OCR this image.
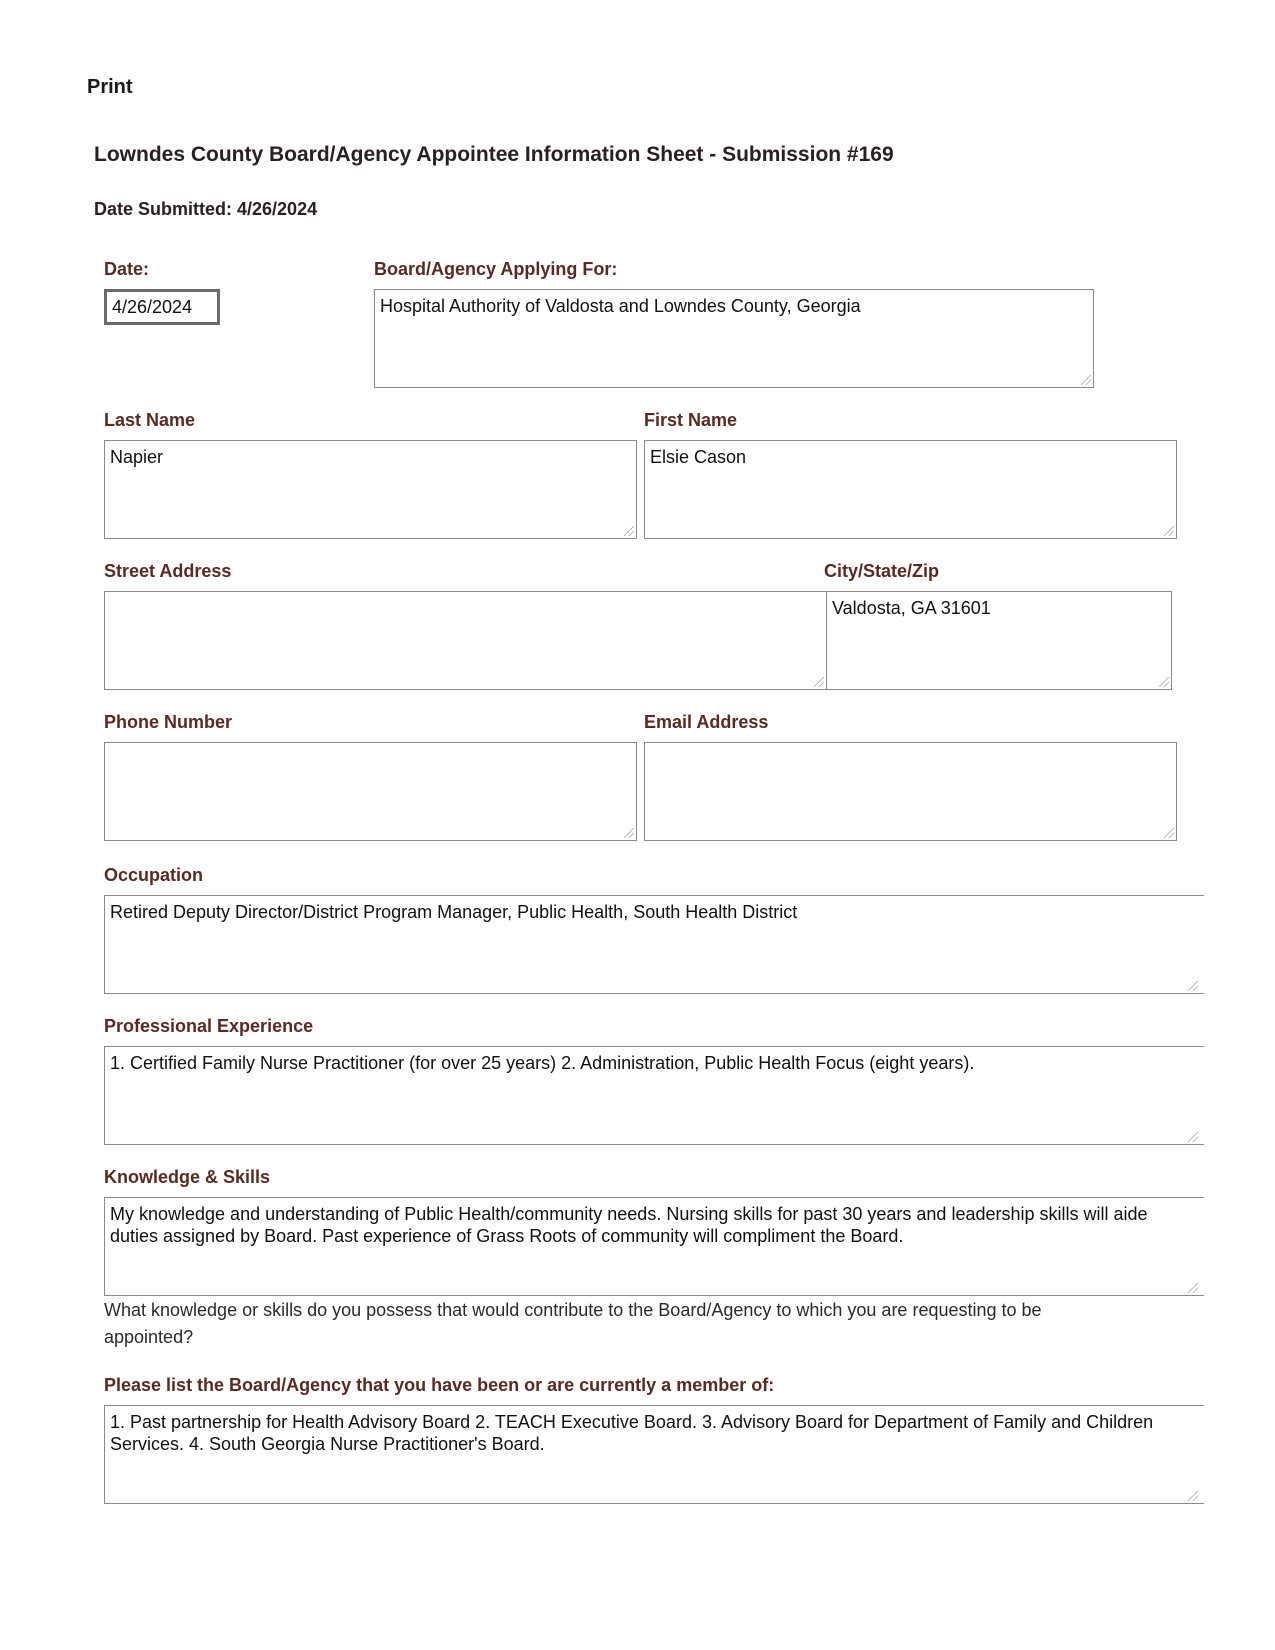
Print
Lowndes County Board/Agency Appointee Information Sheet - Submission #169
Date Submitted: 4/26/2024
Date:
4/26/2024
Board/Agency Applying For:
Hospital Authority of Valdosta and Lowndes County, Georgia
Last Name
Napier
First Name
Elsie Cason
Street Address	City/State/Zip
Valdosta, GA 31601
Phone Number	Email Address
Occupation
Retired Deputy Director/District Program Manager, Public Health, South Health District
Professional Experience
1. Certified Family Nurse Practitioner (for over 25 years) 2. Administration, Public Health Focus (eight years).
Knowledge & Skills
My knowledge and understanding of Public Health/community needs. Nursing skills for past 30 years and leadership skills will aide duties assigned by Board. Past experience of Grass Roots of community will compliment the Board.
What knowledge or skills do you possess that would contribute to the Board/Agency to which you are requesting to be appointed?
Please list the Board/Agency that you have been or are currently a member of:
1. Past partnership for Health Advisory Board 2. TEACH Executive Board. 3. Advisory Board for Department of Family and Children Services. 4. South Georgia Nurse Practitioner's Board.
